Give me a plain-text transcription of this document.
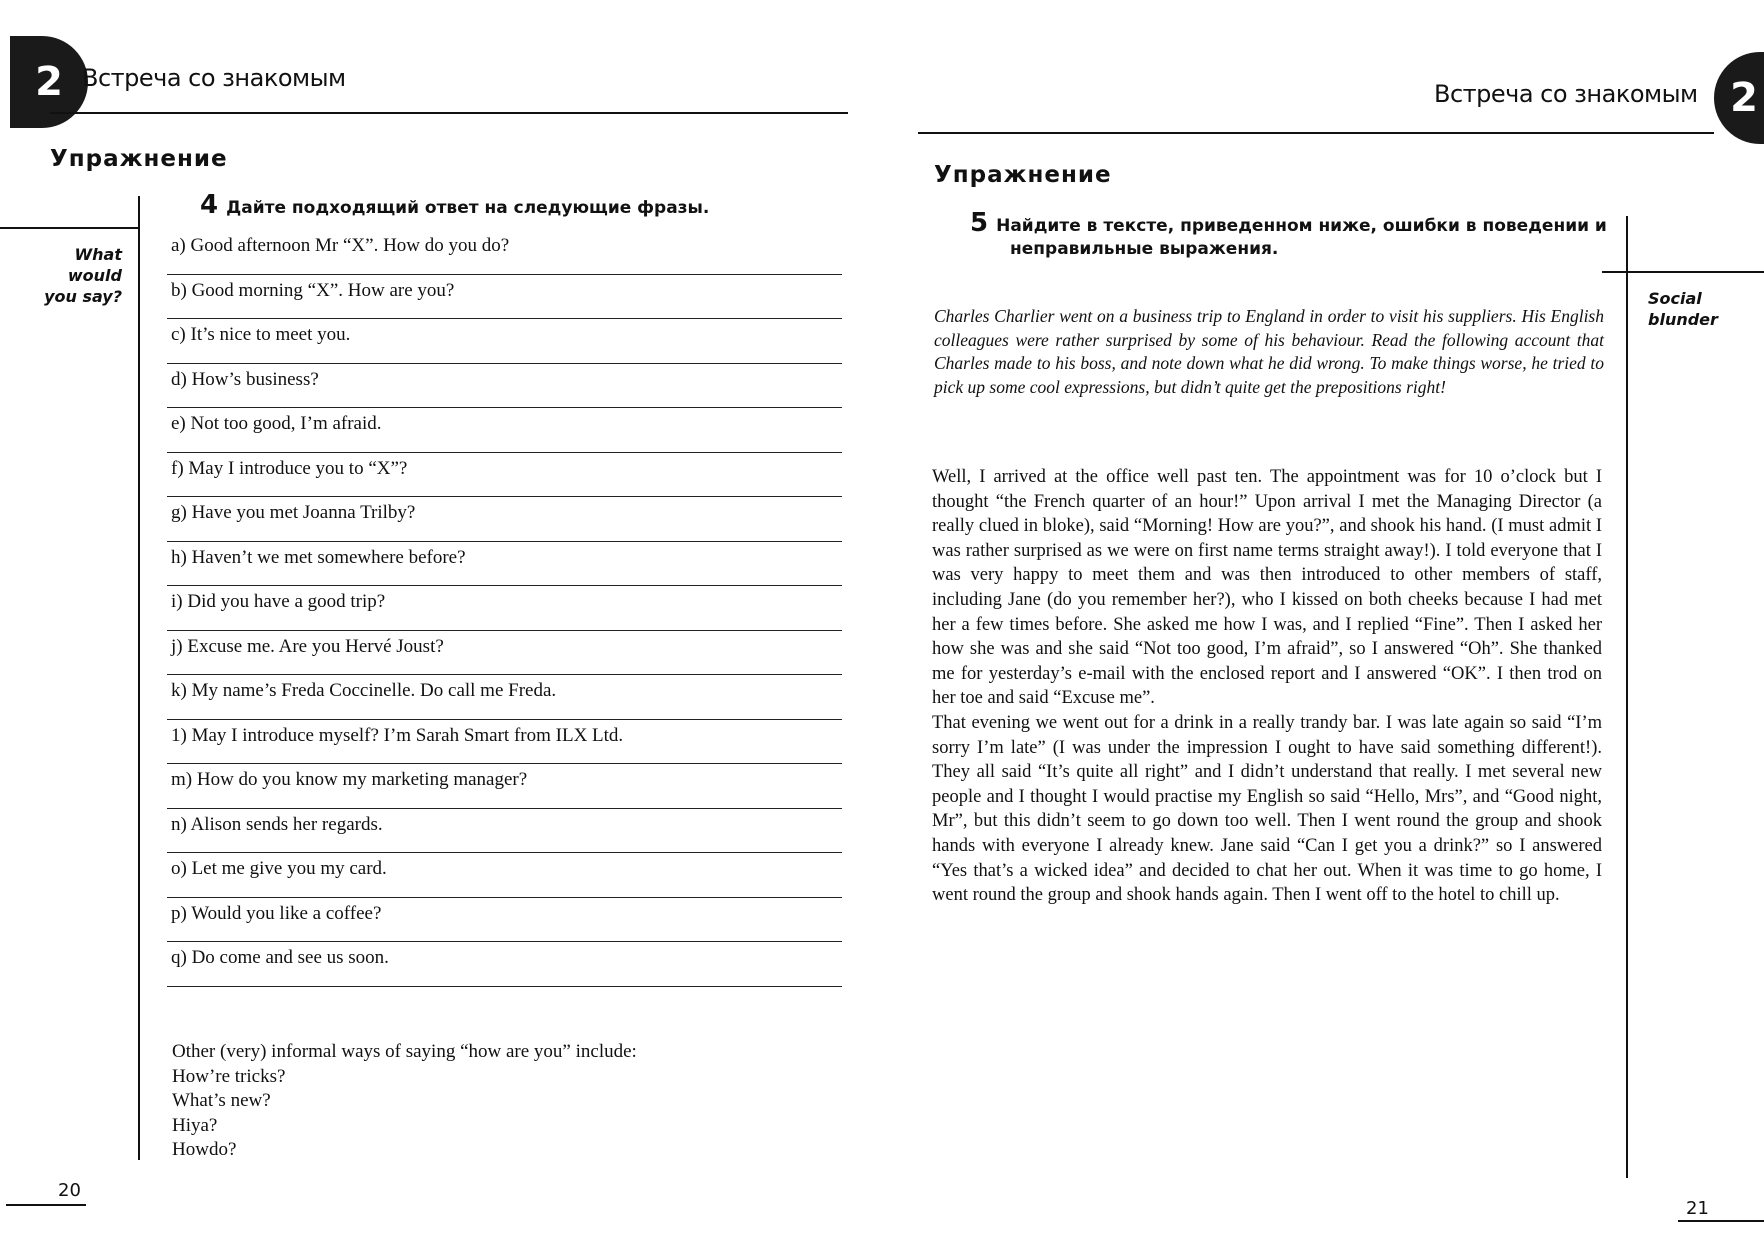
2 Встреча со знакомым
Упражнение
4 Дайте подходящий ответ на следующие фразы.
What would
you say?
a) Good afternoon Mr “X”. How do you do?
b) Good morning “X”. How are you?
c) It’s nice to meet you.
d) How’s business?
e) Not too good, I’m afraid.
f) May I introduce you to “X”?
g) Have you met Joanna Trilby?
h) Haven’t we met somewhere before?
i) Did you have a good trip?
j) Excuse me. Are you Hervé Joust?
k) My name’s Freda Coccinelle. Do call me Freda.
1) May I introduce myself? I’m Sarah Smart from ILX Ltd.
m) How do you know my marketing manager?
n) Alison sends her regards.
o) Let me give you my card.
p) Would you like a coffee?
q) Do come and see us soon.
Other (very) informal ways of saying “how are you” include:
How’re tricks?
What’s new?
Hiya?
Howdo?
20
Встреча со знакомым 2
Упражнение
5 Найдите в тексте, приведенном ниже, ошибки в поведении и
неправильные выражения.
Social blunder
Charles Charlier went on a business trip to England in order to visit his suppliers. His English colleagues were rather surprised by some of his behaviour. Read the following account that Charles made to his boss, and note down what he did wrong. To make things worse, he tried to pick up some cool expressions, but didn’t quite get the prepositions right!

Well, I arrived at the office well past ten. The appointment was for 10 o’clock but I thought “the French quarter of an hour!” Upon arrival I met the Managing Director (a really clued in bloke), said “Morning! How are you?”, and shook his hand. (I must admit I was rather surprised as we were on first name terms straight away!). I told everyone that I was very happy to meet them and was then introduced to other members of staff, including Jane (do you remember her?), who I kissed on both cheeks because I had met her a few times before. She asked me how I was, and I replied “Fine”. Then I asked her how she was and she said “Not too good, I’m afraid”, so I answered “Oh”. She thanked me for yesterday’s e-mail with the enclosed report and I answered “OK”. I then trod on her toe and said “Excuse me”.

That evening we went out for a drink in a really trandy bar. I was late again so said “I’m sorry I’m late” (I was under the impression I ought to have said something different!). They all said “It’s quite all right” and I didn’t understand that really. I met several new people and I thought I would practise my English so said “Hello, Mrs”, and “Good night, Mr”, but this didn’t seem to go down too well. Then I went round the group and shook hands with everyone I already knew. Jane said “Can I get you a drink?” so I answered “Yes that’s a wicked idea” and decided to chat her out. When it was time to go home, I went round the group and shook hands again. Then I went off to the hotel to chill up.

21
